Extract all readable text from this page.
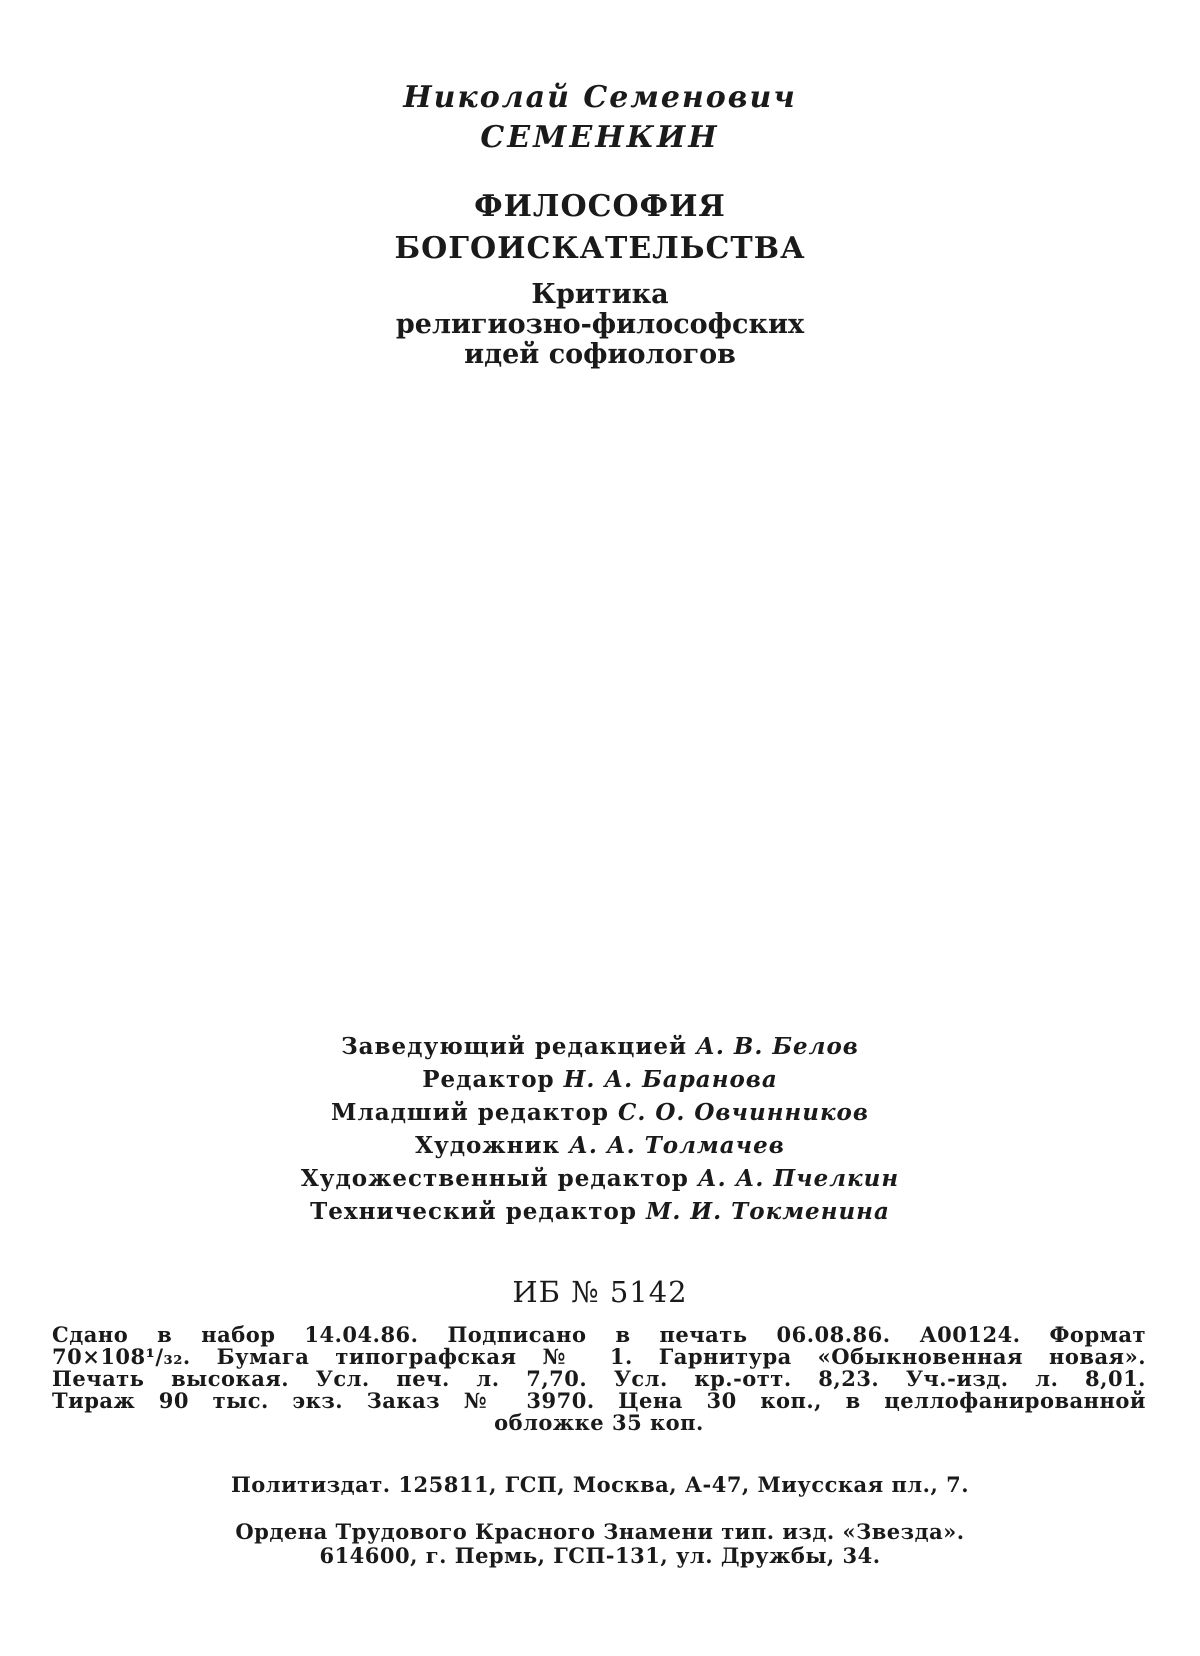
Николай Семенович
СЕМЕНКИН
ФИЛОСОФИЯ
БОГОИСКАТЕЛЬСТВА
Критика
религиозно-философских
идей софиологов
Заведующий редакцией А. В. Белов
Редактор Н. А. Баранова
Младший редактор С. О. Овчинников
Художник А. А. Толмачев
Художественный редактор А. А. Пчелкин
Технический редактор М. И. Токменина
ИБ № 5142
Сдано в набор 14.04.86. Подписано в печать 06.08.86. А00124. Формат
70×108¹/₃₂. Бумага типографская № 1. Гарнитура «Обыкновенная новая».
Печать высокая. Усл. печ. л. 7,70. Усл. кр.-отт. 8,23. Уч.-изд. л. 8,01.
Тираж 90 тыс. экз. Заказ № 3970. Цена 30 коп., в целлофанированной
обложке 35 коп.
Политиздат. 125811, ГСП, Москва, А-47, Миусская пл., 7.
Ордена Трудового Красного Знамени тип. изд. «Звезда».
614600, г. Пермь, ГСП-131, ул. Дружбы, 34.
